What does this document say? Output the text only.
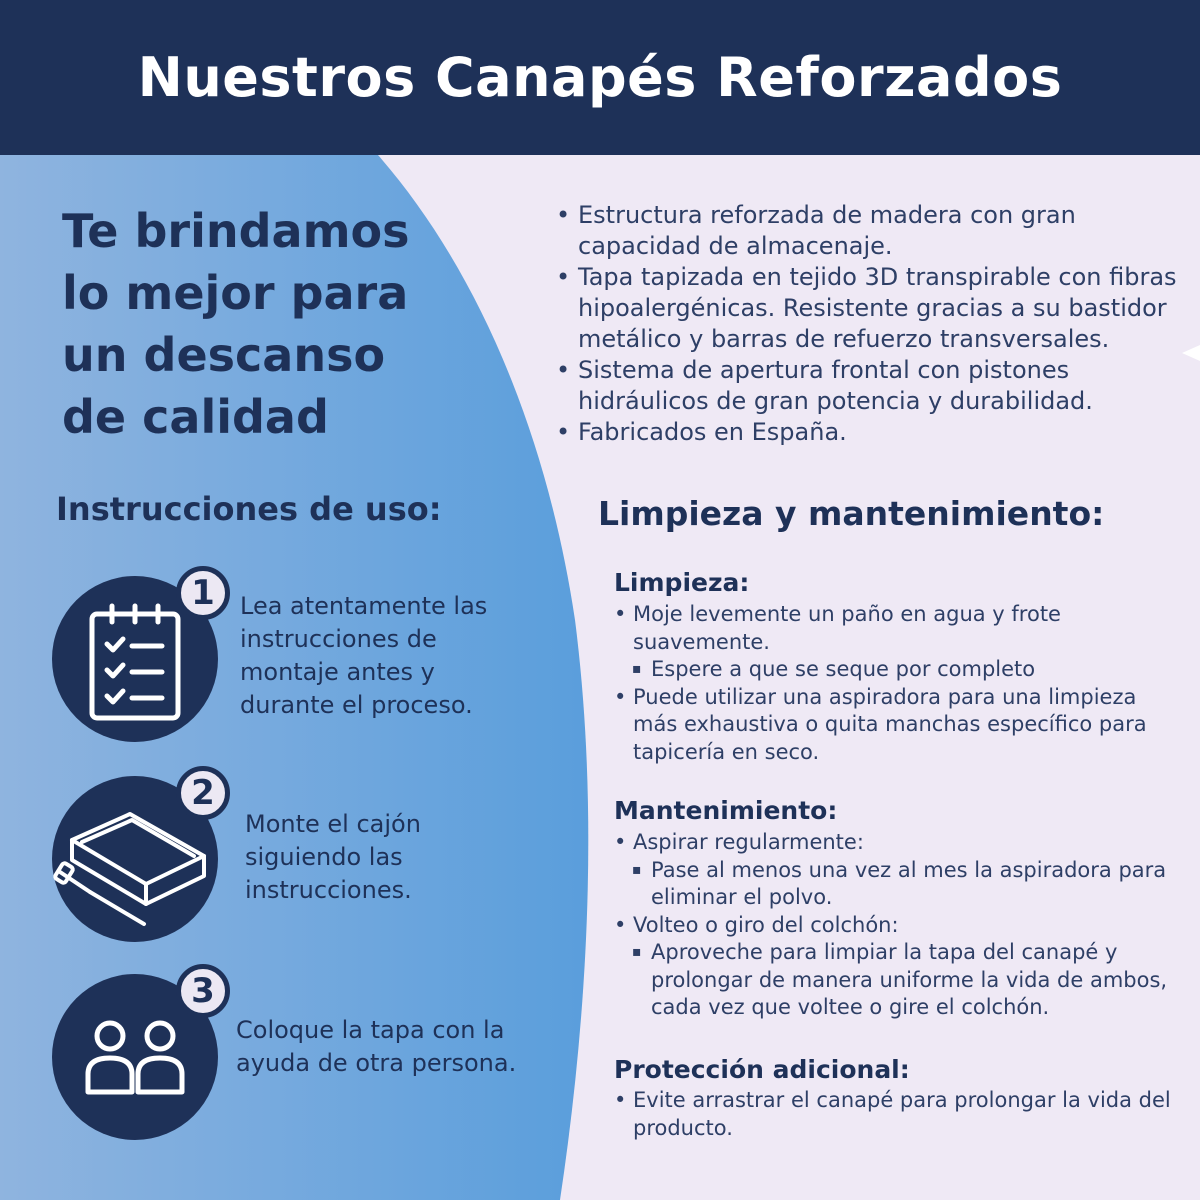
Nuestros Canapés Reforzados

Te brindamos lo mejor para un descanso de calidad

• Estructura reforzada de madera con gran capacidad de almacenaje.
• Tapa tapizada en tejido 3D transpirable con fibras hipoalergénicas. Resistente gracias a su bastidor metálico y barras de refuerzo transversales.
• Sistema de apertura frontal con pistones hidráulicos de gran potencia y durabilidad.
• Fabricados en España.
Instrucciones de uso:
1	Lea atentamente las instrucciones de montaje antes y durante el proceso.

2

Monte el cajón siguiendo las instrucciones.

3

Coloque la tapa con la ayuda de otra persona.

Limpieza y mantenimiento:
Limpieza:
• Moje levemente un paño en agua y frote suavemente.
▪ Espere a que se seque por completo
• Puede utilizar una aspiradora para una limpieza más exhaustiva o quita manchas específico para tapicería en seco.
Mantenimiento:
• Aspirar regularmente:
▪ Pase al menos una vez al mes la aspiradora para eliminar el polvo.
• Volteo o giro del colchón:
▪ Aproveche para limpiar la tapa del canapé y prolongar de manera uniforme la vida de ambos, cada vez que voltee o gire el colchón.
Protección adicional:
• Evite arrastrar el canapé para prolongar la vida del producto.
